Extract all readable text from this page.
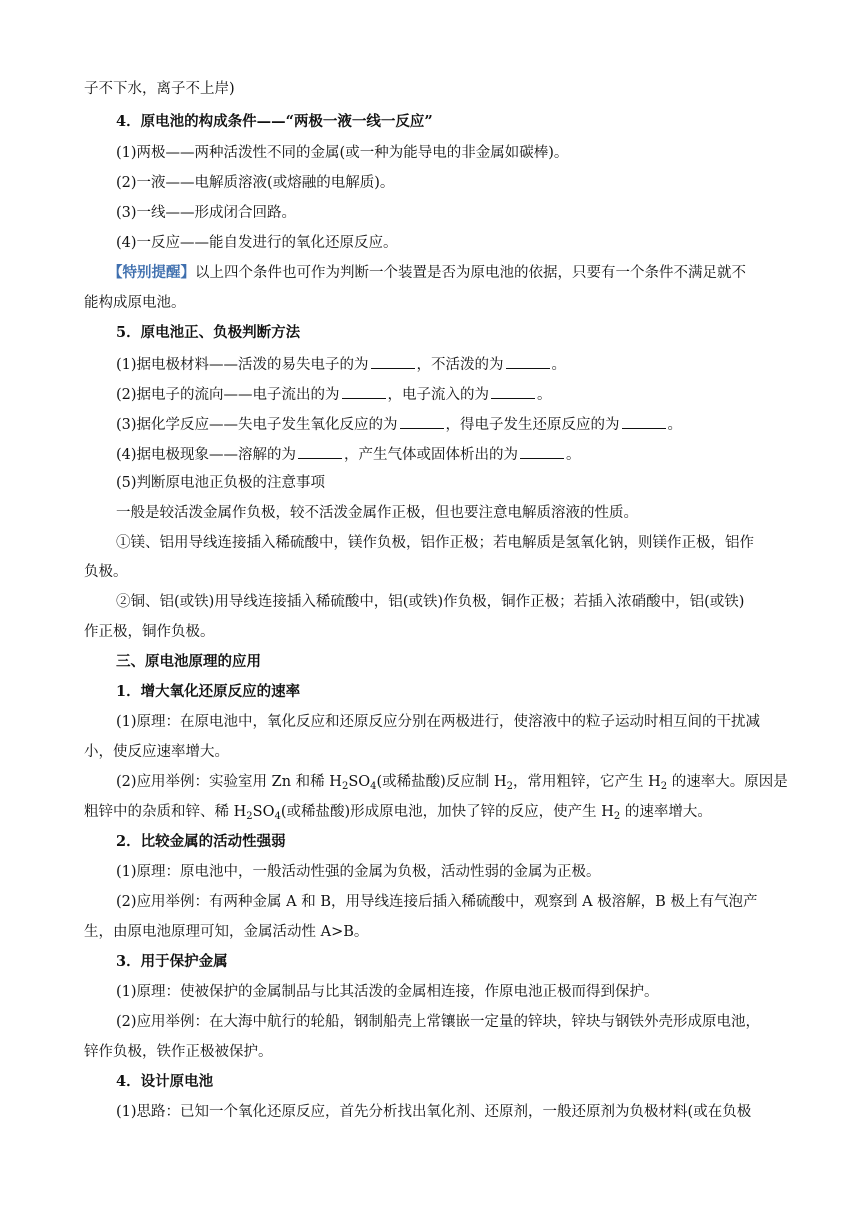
子不下水，离子不上岸)
4．原电池的构成条件——“两极一液一线一反应”
(1)两极——两种活泼性不同的金属(或一种为能导电的非金属如碳棒)。
(2)一液——电解质溶液(或熔融的电解质)。
(3)一线——形成闭合回路。
(4)一反应——能自发进行的氧化还原反应。
【特别提醒】以上四个条件也可作为判断一个装置是否为原电池的依据，只要有一个条件不满足就不
能构成原电池。
5．原电池正、负极判断方法
(1)据电极材料——活泼的易失电子的为	，不活泼的为	。
(2)据电子的流向——电子流出的为	，电子流入的为	。
(3)据化学反应——失电子发生氧化反应的为	，得电子发生还原反应的为	。
(4)据电极现象——溶解的为	，产生气体或固体析出的为	。
(5)判断原电池正负极的注意事项
一般是较活泼金属作负极，较不活泼金属作正极，但也要注意电解质溶液的性质。
①镁、铝用导线连接插入稀硫酸中，镁作负极，铝作正极；若电解质是氢氧化钠，则镁作正极，铝作
负极。
②铜、铝(或铁)用导线连接插入稀硫酸中，铝(或铁)作负极，铜作正极；若插入浓硝酸中，铝(或铁)
作正极，铜作负极。
三、原电池原理的应用
1．增大氧化还原反应的速率
(1)原理：在原电池中，氧化反应和还原反应分别在两极进行，使溶液中的粒子运动时相互间的干扰减
小，使反应速率增大。
(2)应用举例：实验室用 Zn 和稀 $H_2SO_4$(或稀盐酸)反应制 $H_2$，常用粗锌，它产生 $H_2$ 的速率大。原因是
粗锌中的杂质和锌、稀 $H_2SO_4$(或稀盐酸)形成原电池，加快了锌的反应，使产生 $H_2$ 的速率增大。
2．比较金属的活动性强弱
(1)原理：原电池中，一般活动性强的金属为负极，活动性弱的金属为正极。
(2)应用举例：有两种金属 A 和 B，用导线连接后插入稀硫酸中，观察到 A 极溶解，B 极上有气泡产
生，由原电池原理可知，金属活动性 A>B。
3．用于保护金属
(1)原理：使被保护的金属制品与比其活泼的金属相连接，作原电池正极而得到保护。
(2)应用举例：在大海中航行的轮船，钢制船壳上常镶嵌一定量的锌块，锌块与钢铁外壳形成原电池，
锌作负极，铁作正极被保护。
4．设计原电池
(1)思路：已知一个氧化还原反应，首先分析找出氧化剂、还原剂，一般还原剂为负极材料(或在负极
